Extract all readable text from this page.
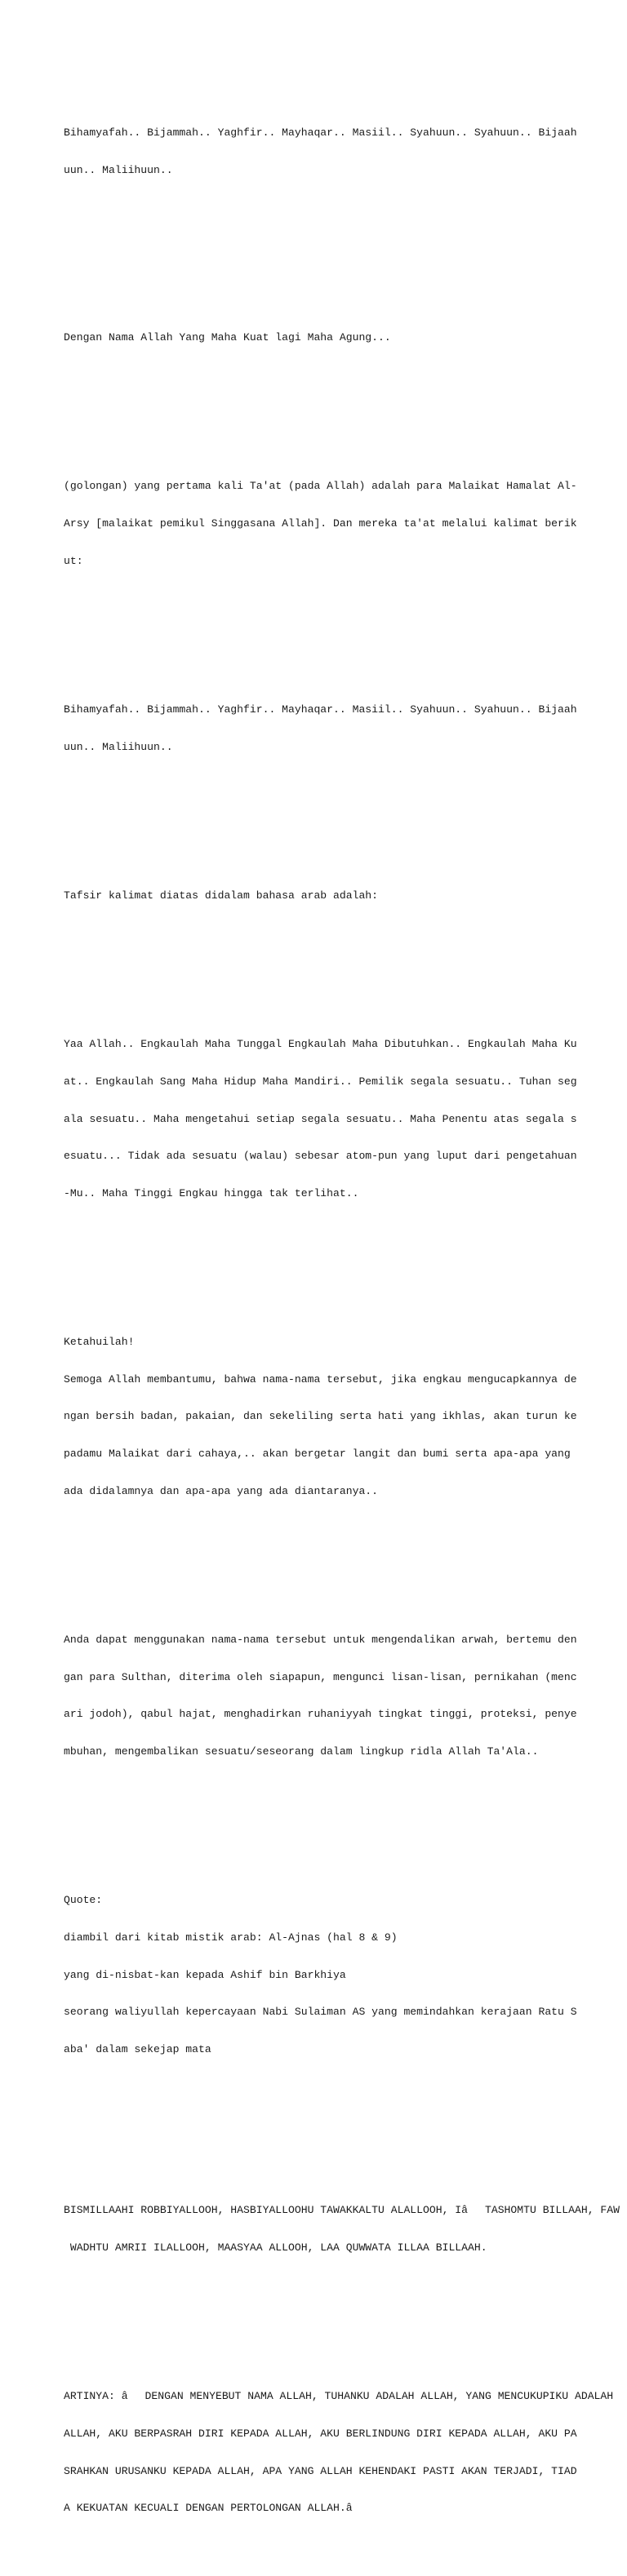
Bihamyafah.. Bijammah.. Yaghfir.. Mayhaqar.. Masiil.. Syahuun.. Syahuun.. Bijaah

uun.. Maliihuun..

Dengan Nama Allah Yang Maha Kuat lagi Maha Agung...

(golongan) yang pertama kali Ta'at (pada Allah) adalah para Malaikat Hamalat Al-

Arsy [malaikat pemikul Singgasana Allah]. Dan mereka ta'at melalui kalimat berik

ut:

Bihamyafah.. Bijammah.. Yaghfir.. Mayhaqar.. Masiil.. Syahuun.. Syahuun.. Bijaah

uun.. Maliihuun..

Tafsir kalimat diatas didalam bahasa arab adalah:

Yaa Allah.. Engkaulah Maha Tunggal Engkaulah Maha Dibutuhkan.. Engkaulah Maha Ku

at.. Engkaulah Sang Maha Hidup Maha Mandiri.. Pemilik segala sesuatu.. Tuhan seg

ala sesuatu.. Maha mengetahui setiap segala sesuatu.. Maha Penentu atas segala s

esuatu... Tidak ada sesuatu (walau) sebesar atom-pun yang luput dari pengetahuan

-Mu.. Maha Tinggi Engkau hingga tak terlihat..

Ketahuilah!

Semoga Allah membantumu, bahwa nama-nama tersebut, jika engkau mengucapkannya de

ngan bersih badan, pakaian, dan sekeliling serta hati yang ikhlas, akan turun ke

padamu Malaikat dari cahaya,.. akan bergetar langit dan bumi serta apa-apa yang

ada didalamnya dan apa-apa yang ada diantaranya..

Anda dapat menggunakan nama-nama tersebut untuk mengendalikan arwah, bertemu den

gan para Sulthan, diterima oleh siapapun, mengunci lisan-lisan, pernikahan (menc

ari jodoh), qabul hajat, menghadirkan ruhaniyyah tingkat tinggi, proteksi, penye

mbuhan, mengembalikan sesuatu/seseorang dalam lingkup ridla Allah Ta'Ala..

Quote:

diambil dari kitab mistik arab: Al-Ajnas (hal 8 & 9)

yang di-nisbat-kan kepada Ashif bin Barkhiya

seorang waliyullah kepercayaan Nabi Sulaiman AS yang memindahkan kerajaan Ratu S

aba' dalam sekejap mata

BISMILLAAHI ROBBIYALLOOH, HASBIYALLOOHU TAWAKKALTU ALALLOOH, IâTASHOMTU BILLAAH, FAW

WADHTU AMRII ILALLOOH, MAASYAA ALLOOH, LAA QUWWATA ILLAA BILLAAH.

ARTINYA: âDENGAN MENYEBUT NAMA ALLAH, TUHANKU ADALAH ALLAH, YANG MENCUKUPIKU ADALAH

ALLAH, AKU BERPASRAH DIRI KEPADA ALLAH, AKU BERLINDUNG DIRI KEPADA ALLAH, AKU PA

SRAHKAN URUSANKU KEPADA ALLAH, APA YANG ALLAH KEHENDAKI PASTI AKAN TERJADI, TIAD

A KEKUATAN KECUALI DENGAN PERTOLONGAN ALLAH.â
